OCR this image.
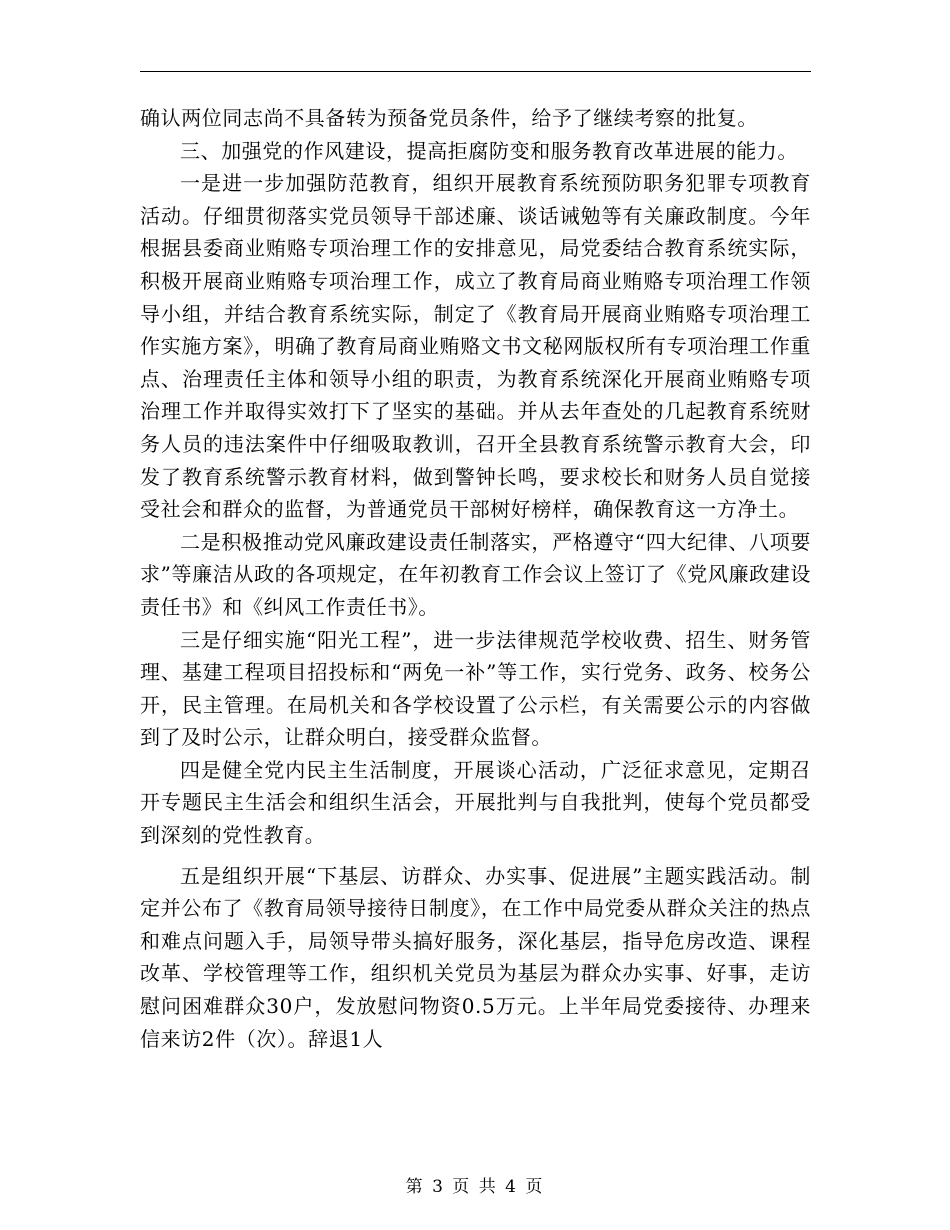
确认两位同志尚不具备转为预备党员条件，给予了继续考察的批复。

三、加强党的作风建设，提高拒腐防变和服务教育改革进展的能力。

一是进一步加强防范教育，组织开展教育系统预防职务犯罪专项教育活动。仔细贯彻落实党员领导干部述廉、谈话诫勉等有关廉政制度。今年根据县委商业贿赂专项治理工作的安排意见，局党委结合教育系统实际，积极开展商业贿赂专项治理工作，成立了教育局商业贿赂专项治理工作领导小组，并结合教育系统实际，制定了《教育局开展商业贿赂专项治理工作实施方案》，明确了教育局商业贿赂文书文秘网版权所有专项治理工作重点、治理责任主体和领导小组的职责，为教育系统深化开展商业贿赂专项治理工作并取得实效打下了坚实的基础。并从去年查处的几起教育系统财务人员的违法案件中仔细吸取教训，召开全县教育系统警示教育大会，印发了教育系统警示教育材料，做到警钟长鸣，要求校长和财务人员自觉接受社会和群众的监督，为普通党员干部树好榜样，确保教育这一方净土。

二是积极推动党风廉政建设责任制落实，严格遵守“四大纪律、八项要求”等廉洁从政的各项规定，在年初教育工作会议上签订了《党风廉政建设责任书》和《纠风工作责任书》。

三是仔细实施“阳光工程”，进一步法律规范学校收费、招生、财务管理、基建工程项目招投标和“两免一补”等工作，实行党务、政务、校务公开，民主管理。在局机关和各学校设置了公示栏，有关需要公示的内容做到了及时公示，让群众明白，接受群众监督。

四是健全党内民主生活制度，开展谈心活动，广泛征求意见，定期召开专题民主生活会和组织生活会，开展批判与自我批判，使每个党员都受到深刻的党性教育。

五是组织开展“下基层、访群众、办实事、促进展”主题实践活动。制定并公布了《教育局领导接待日制度》，在工作中局党委从群众关注的热点和难点问题入手，局领导带头搞好服务，深化基层，指导危房改造、课程改革、学校管理等工作，组织机关党员为基层为群众办实事、好事，走访慰问困难群众30户，发放慰问物资0.5万元。上半年局党委接待、办理来信来访2件（次）。辞退1人

第 3 页 共 4 页
